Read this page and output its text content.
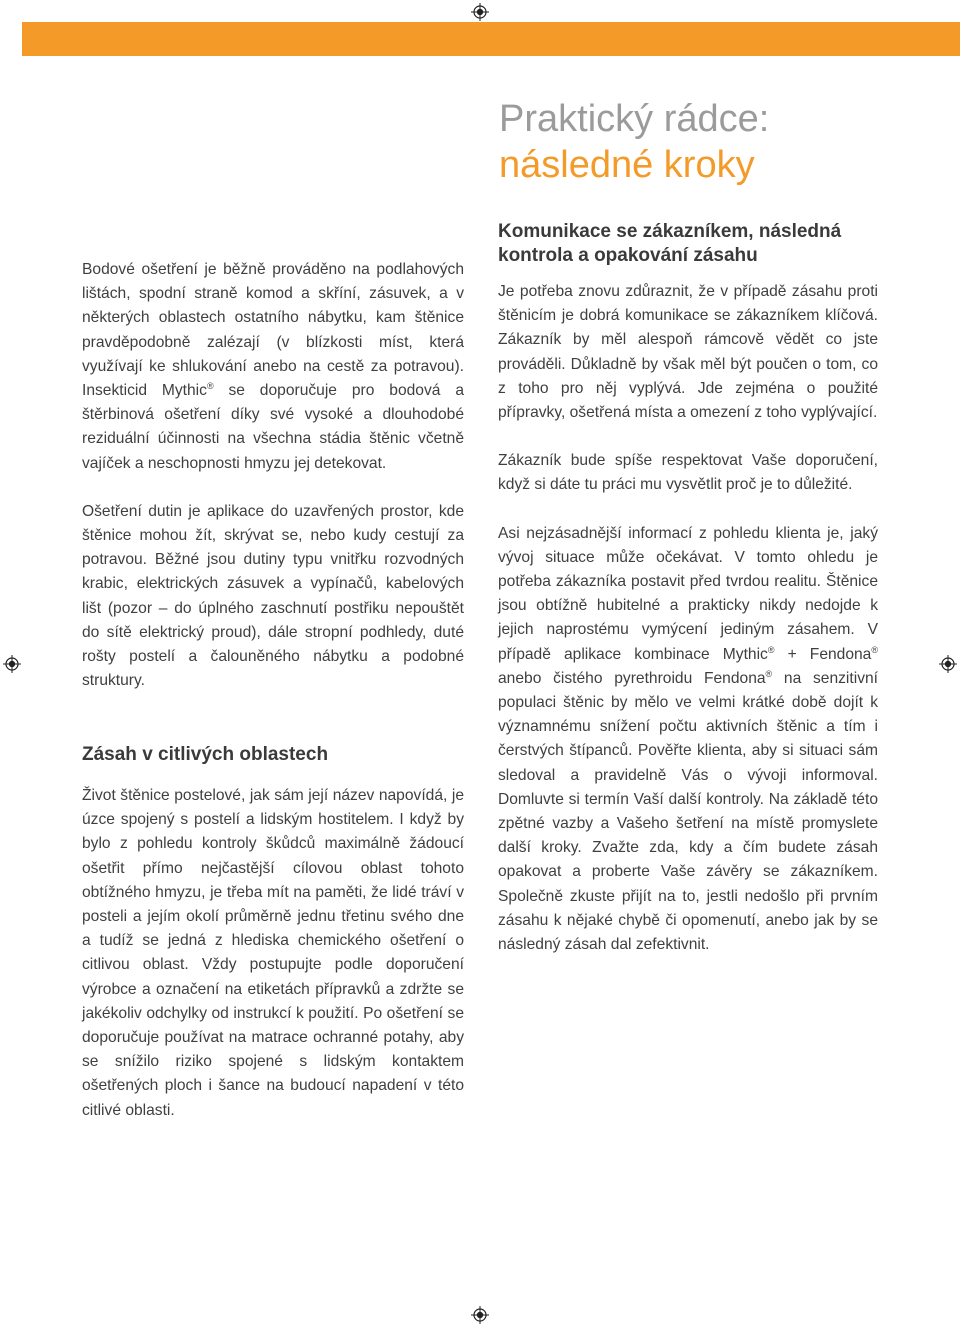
Praktický rádce:
následné kroky

Bodové ošetření je běžně prováděno na podlahových lištách, spodní straně komod a skříní, zásuvek, a v některých oblastech ostatního nábytku, kam štěnice pravděpodobně zalézají (v blízkosti míst, která využívají ke shlukování anebo na cestě za potravou). Insekticid Mythic® se doporučuje pro bodová a štěrbinová ošetření díky své vysoké a dlouhodobé reziduální účinnosti na všechna stádia štěnic včetně vajíček a neschopnosti hmyzu jej detekovat.

Ošetření dutin je aplikace do uzavřených prostor, kde štěnice mohou žít, skrývat se, nebo kudy cestují za potravou. Běžné jsou dutiny typu vnitřku rozvodných krabic, elektrických zásuvek a vypínačů, kabelových lišt (pozor – do úplného zaschnutí postřiku nepouštět do sítě elektrický proud), dále stropní podhledy, duté rošty postelí a čalouněného nábytku a podobné struktury.

Zásah v citlivých oblastech

Život štěnice postelové, jak sám její název napovídá, je úzce spojený s postelí a lidským hostitelem. I když by bylo z pohledu kontroly škůdců maximálně žádoucí ošetřit přímo nejčastější cílovou oblast tohoto obtížného hmyzu, je třeba mít na paměti, že lidé tráví v posteli a jejím okolí průměrně jednu třetinu svého dne a tudíž se jedná z hlediska chemického ošetření o citlivou oblast. Vždy postupujte podle doporučení výrobce a označení na etiketách přípravků a zdržte se jakékoliv odchylky od instrukcí k použití. Po ošetření se doporučuje používat na matrace ochranné potahy, aby se snížilo riziko spojené s lidským kontaktem ošetřených ploch i šance na budoucí napadení v této citlivé oblasti.

Komunikace se zákazníkem, následná kontrola a opakování zásahu

Je potřeba znovu zdůraznit, že v případě zásahu proti štěnicím je dobrá komunikace se zákazníkem klíčová. Zákazník by měl alespoň rámcově vědět co jste prováděli. Důkladně by však měl být poučen o tom, co z toho pro něj vyplývá. Jde zejména o použité přípravky, ošetřená místa a omezení z toho vyplývající.

Zákazník bude spíše respektovat Vaše doporučení, když si dáte tu práci mu vysvětlit proč je to důležité.

Asi nejzásadnější informací z pohledu klienta je, jaký vývoj situace může očekávat. V tomto ohledu je potřeba zákazníka postavit před tvrdou realitu. Štěnice jsou obtížně hubitelné a prakticky nikdy nedojde k jejich naprostému vymýcení jediným zásahem. V případě aplikace kombinace Mythic® + Fendona® anebo čistého pyrethroidu Fendona® na senzitivní populaci štěnic by mělo ve velmi krátké době dojít k významnému snížení počtu aktivních štěnic a tím i čerstvých štípanců. Pověřte klienta, aby si situaci sám sledoval a pravidelně Vás o vývoji informoval. Domluvte si termín Vaší další kontroly. Na základě této zpětné vazby a Vašeho šetření na místě promyslete další kroky. Zvažte zda, kdy a čím budete zásah opakovat a proberte Vaše závěry se zákazníkem. Společně zkuste přijít na to, jestli nedošlo při prvním zásahu k nějaké chybě či opomenutí, anebo jak by se následný zásah dal zefektivnit.
